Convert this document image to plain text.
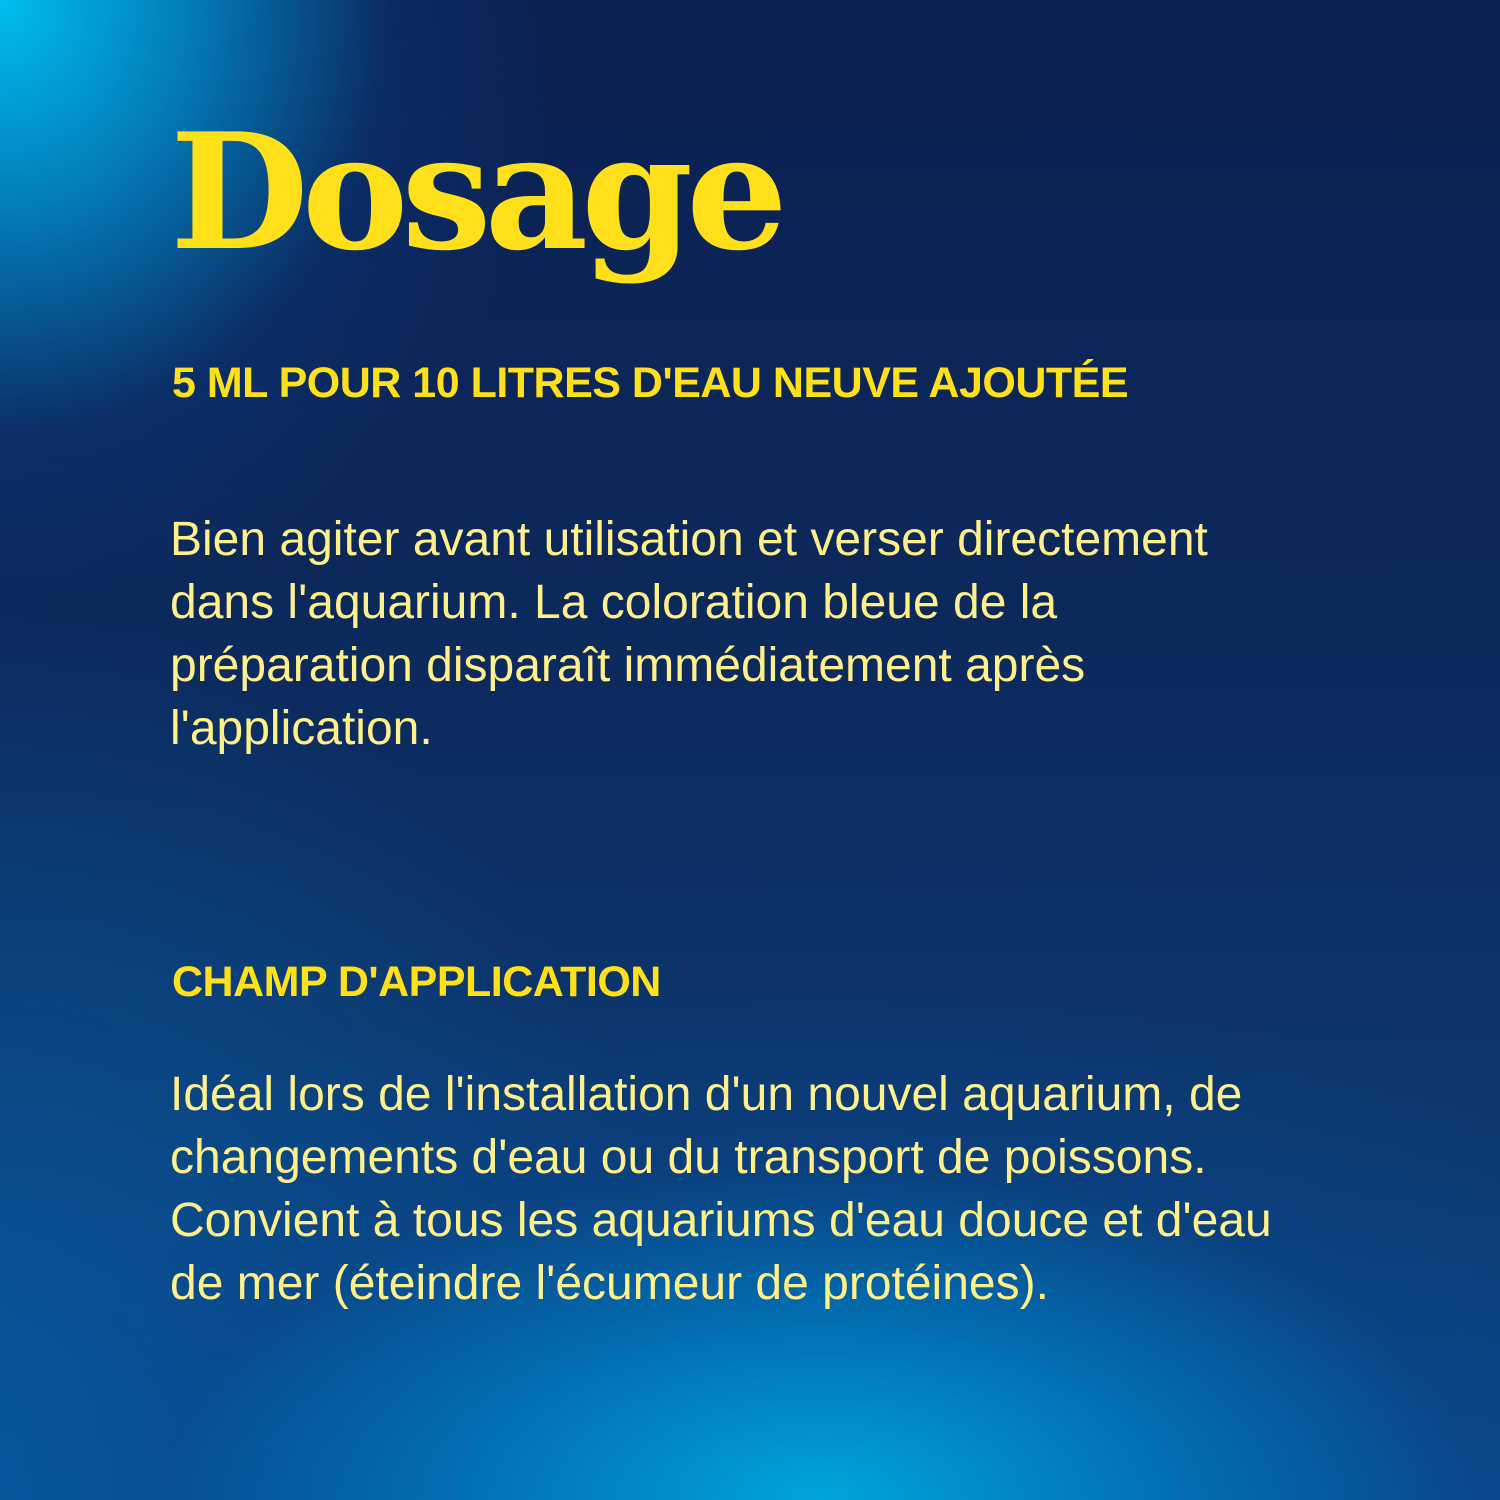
Dosage
5 ML POUR 10 LITRES D'EAU NEUVE AJOUTÉE

Bien agiter avant utilisation et verser directement
dans l'aquarium. La coloration bleue de la
préparation disparaît immédiatement après
l'application.

CHAMP D'APPLICATION

Idéal lors de l'installation d'un nouvel aquarium, de
changements d'eau ou du transport de poissons.
Convient à tous les aquariums d'eau douce et d'eau
de mer (éteindre l'écumeur de protéines).
